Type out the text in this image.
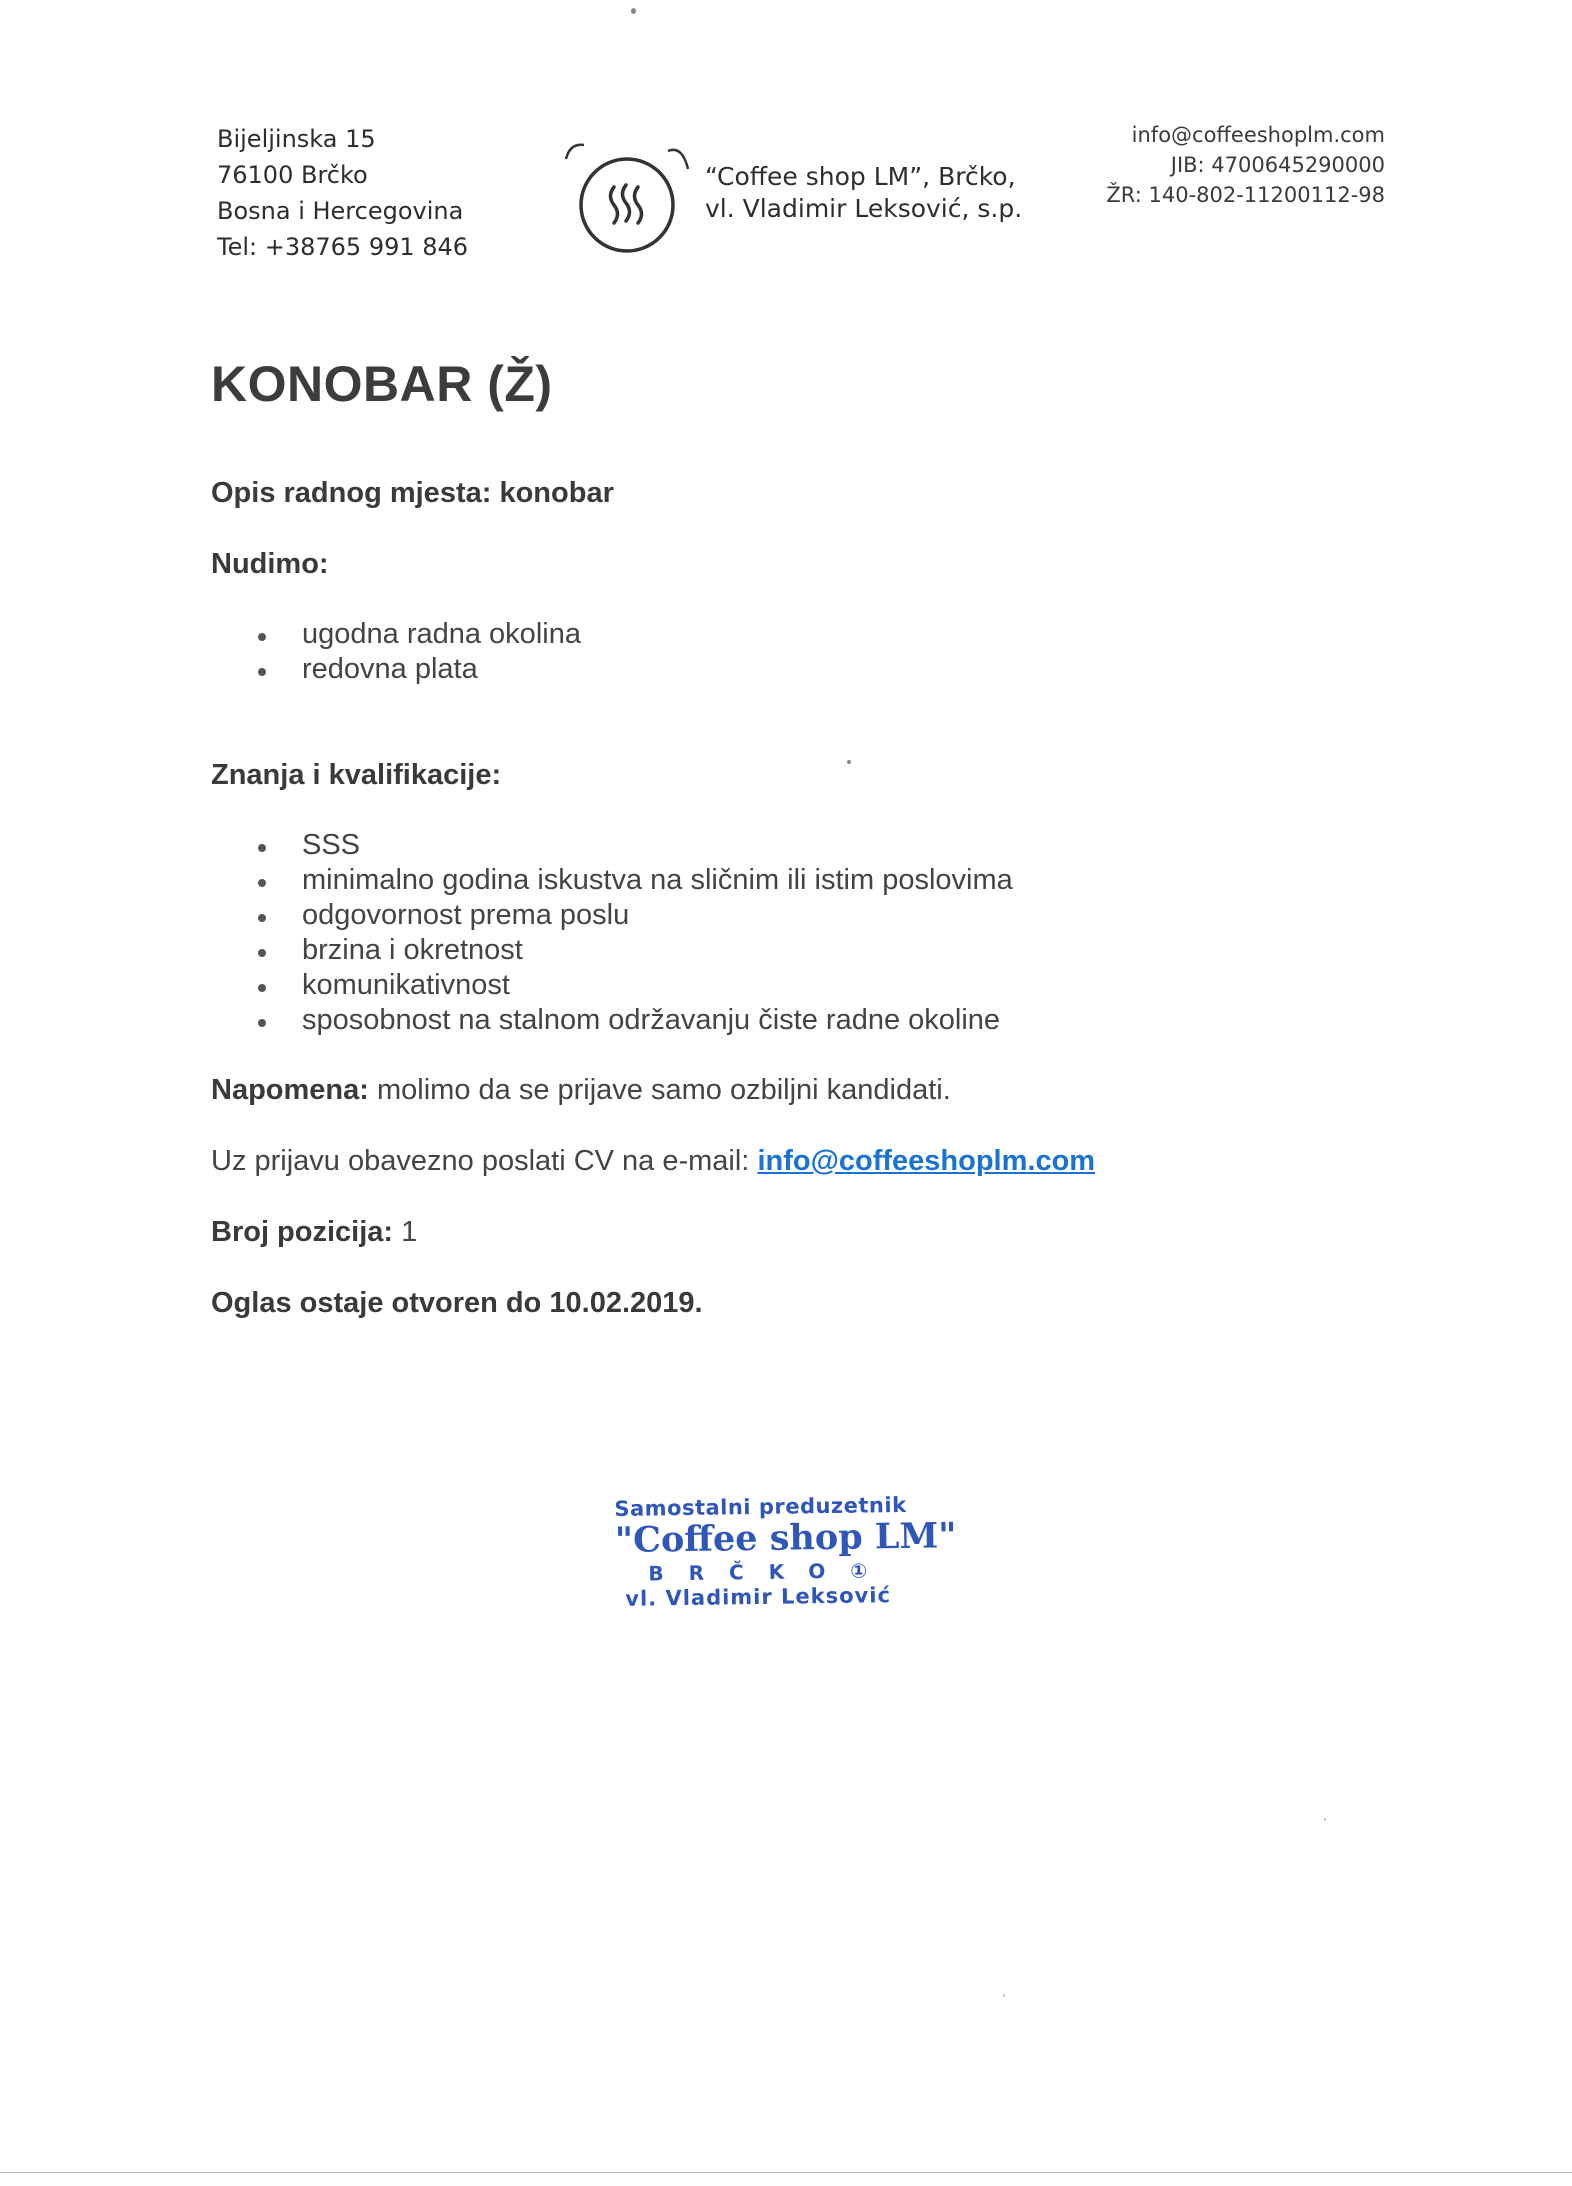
Bijeljinska 15
76100 Brčko
Bosna i Hercegovina
Tel: +38765 991 846
“Coffee shop LM”, Brčko,
vl. Vladimir Leksović, s.p.
info@coffeeshoplm.com
JIB: 4700645290000
ŽR: 140-802-11200112-98
KONOBAR (Ž)
Opis radnog mjesta: konobar
Nudimo:
ugodna radna okolina
redovna plata
Znanja i kvalifikacije:
SSS
minimalno godina iskustva na sličnim ili istim poslovima
odgovornost prema poslu
brzina i okretnost
komunikativnost
sposobnost na stalnom održavanju čiste radne okoline
Napomena: molimo da se prijave samo ozbiljni kandidati.
Uz prijavu obavezno poslati CV na e-mail: info@coffeeshoplm.com
Broj pozicija: 1
Oglas ostaje otvoren do 10.02.2019.
Samostalni preduzetnik
"Coffee shop LM"
BRČKO①
vl. Vladimir Leksović
